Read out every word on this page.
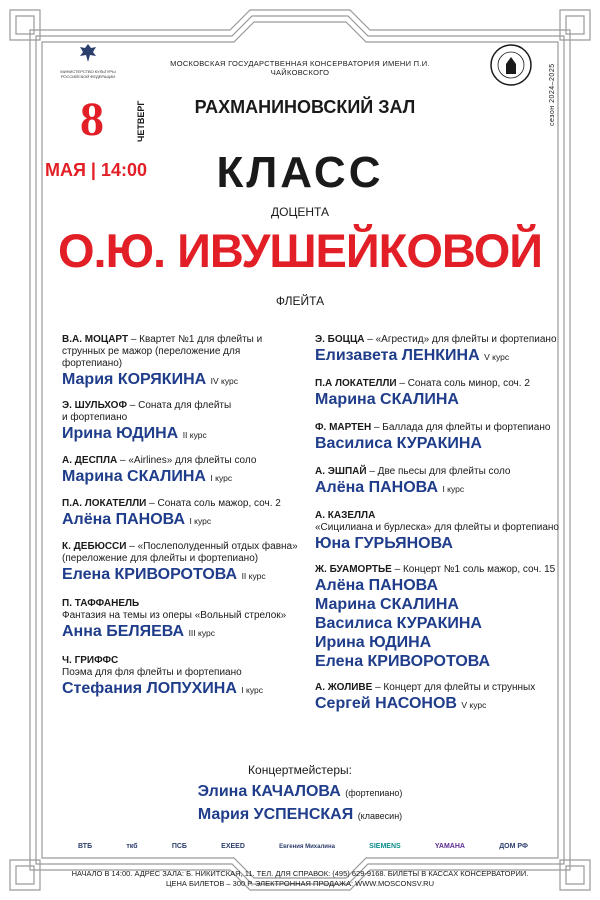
МИНИСТЕРСТВО КУЛЬТУРЫ РОССИЙСКОЙ ФЕДЕРАЦИИ
МОСКОВСКАЯ ГОСУДАРСТВЕННАЯ КОНСЕРВАТОРИЯ ИМЕНИ П.И. ЧАЙКОВСКОГО	сезон 2024–2025
8	ЧЕТВЕРГ
МАЯ | 14:00
РАХМАНИНОВСКИЙ ЗАЛ
КЛАСС
ДОЦЕНТА
О.Ю. ИВУШЕЙКОВОЙ
ФЛЕЙТА
В.А. МОЦАРТ – Квартет №1 для флейты и струнных ре мажор (переложение для фортепиано)
Мария КОРЯКИНА IV курс
Э. ШУЛЬХОФ – Соната для флейты и фортепиано
Ирина ЮДИНА II курс
А. ДЕСПЛА – «Airlines» для флейты соло
Марина СКАЛИНА I курс
П.А. ЛОКАТЕЛЛИ – Соната соль мажор, соч. 2
Алёна ПАНОВА I курс
К. ДЕБЮССИ – «Послеполуденный отдых фавна» (переложение для флейты и фортепиано)
Елена КРИВОРОТОВА II курс
П. ТАФФАНЕЛЬ
Фантазия на темы из оперы «Вольный стрелок»
Анна БЕЛЯЕВА III курс
Ч. ГРИФФС
Поэма для фля флейты и фортепиано
Стефания ЛОПУХИНА I курс
Э. БОЦЦА – «Агрестид» для флейты и фортепиано
Елизавета ЛЕНКИНА V курс
П.А ЛОКАТЕЛЛИ – Соната соль минор, соч. 2
Марина СКАЛИНА
Ф. МАРТЕН – Баллада для флейты и фортепиано
Василиса КУРАКИНА
А. ЭШПАЙ – Две пьесы для флейты соло
Алёна ПАНОВА I курс
А. КАЗЕЛЛА
«Сицилиана и бурлеска» для флейты и фортепиано
Юна ГУРЬЯНОВА
Ж. БУАМОРТЬЕ – Концерт №1 соль мажор, соч. 15
Алёна ПАНОВА
Марина СКАЛИНА
Василиса КУРАКИНА
Ирина ЮДИНА
Елена КРИВОРОТОВА
А. ЖОЛИВЕ – Концерт для флейты и струнных
Сергей НАСОНОВ V курс
Концертмейстеры:
Элина КАЧАЛОВА (фортепиано)
Мария УСПЕНСКАЯ (клавесин)
ВТБ	ткб	ПСБ	EXEED	Евгения Михалина	SIEMENS	YAMAHA	ДОМ РФ
НАЧАЛО В 14:00. АДРЕС ЗАЛА: Б. НИКИТСКАЯ, 11. ТЕЛ. ДЛЯ СПРАВОК: (495) 629-9168. БИЛЕТЫ В КАССАХ КОНСЕРВАТОРИИ.
ЦЕНА БИЛЕТОВ – 300 Р. ЭЛЕКТРОННАЯ ПРОДАЖА: WWW.MOSCONSV.RU
